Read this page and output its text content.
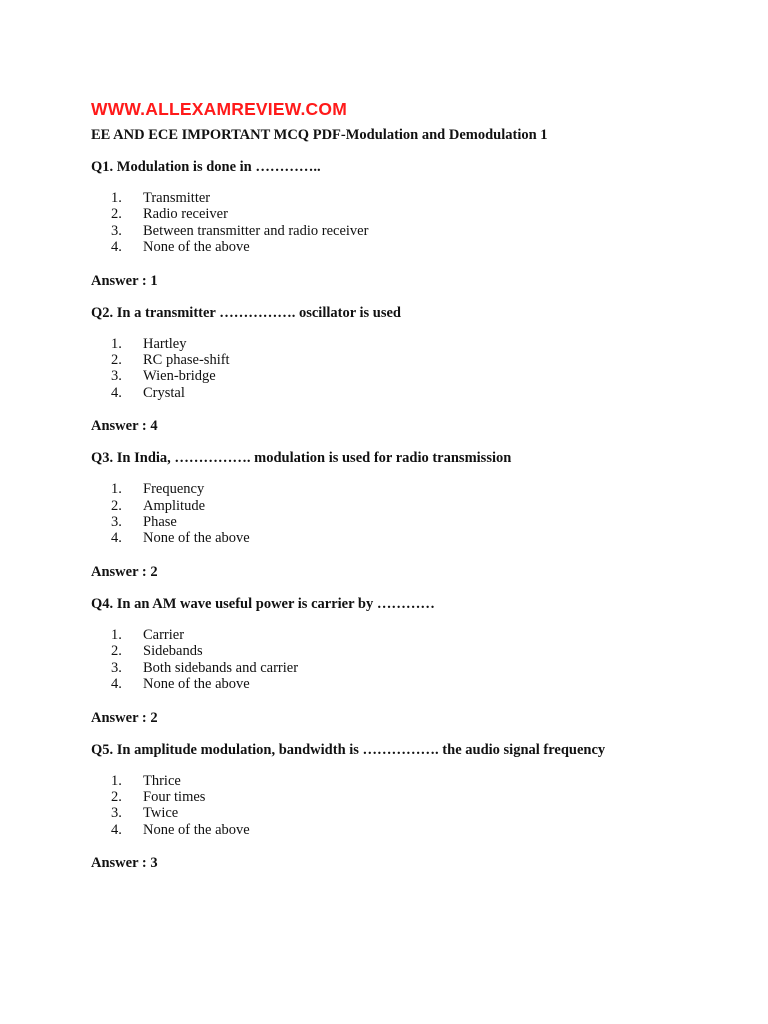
WWW.ALLEXAMREVIEW.COM
EE AND ECE IMPORTANT MCQ PDF-Modulation and Demodulation 1
Q1. Modulation is done in …………..
1.	Transmitter
2.	Radio receiver
3.	Between transmitter and radio receiver
4.	None of the above
Answer : 1
Q2. In a transmitter ……………. oscillator is used
1.	Hartley
2.	RC phase-shift
3.	Wien-bridge
4.	Crystal
Answer : 4
Q3. In India, ……………. modulation is used for radio transmission
1.	Frequency
2.	Amplitude
3.	Phase
4.	None of the above
Answer : 2
Q4. In an AM wave useful power is carrier by …………
1.	Carrier
2.	Sidebands
3.	Both sidebands and carrier
4.	None of the above
Answer : 2
Q5. In amplitude modulation, bandwidth is ……………. the audio signal frequency
1.	Thrice
2.	Four times
3.	Twice
4.	None of the above
Answer : 3
